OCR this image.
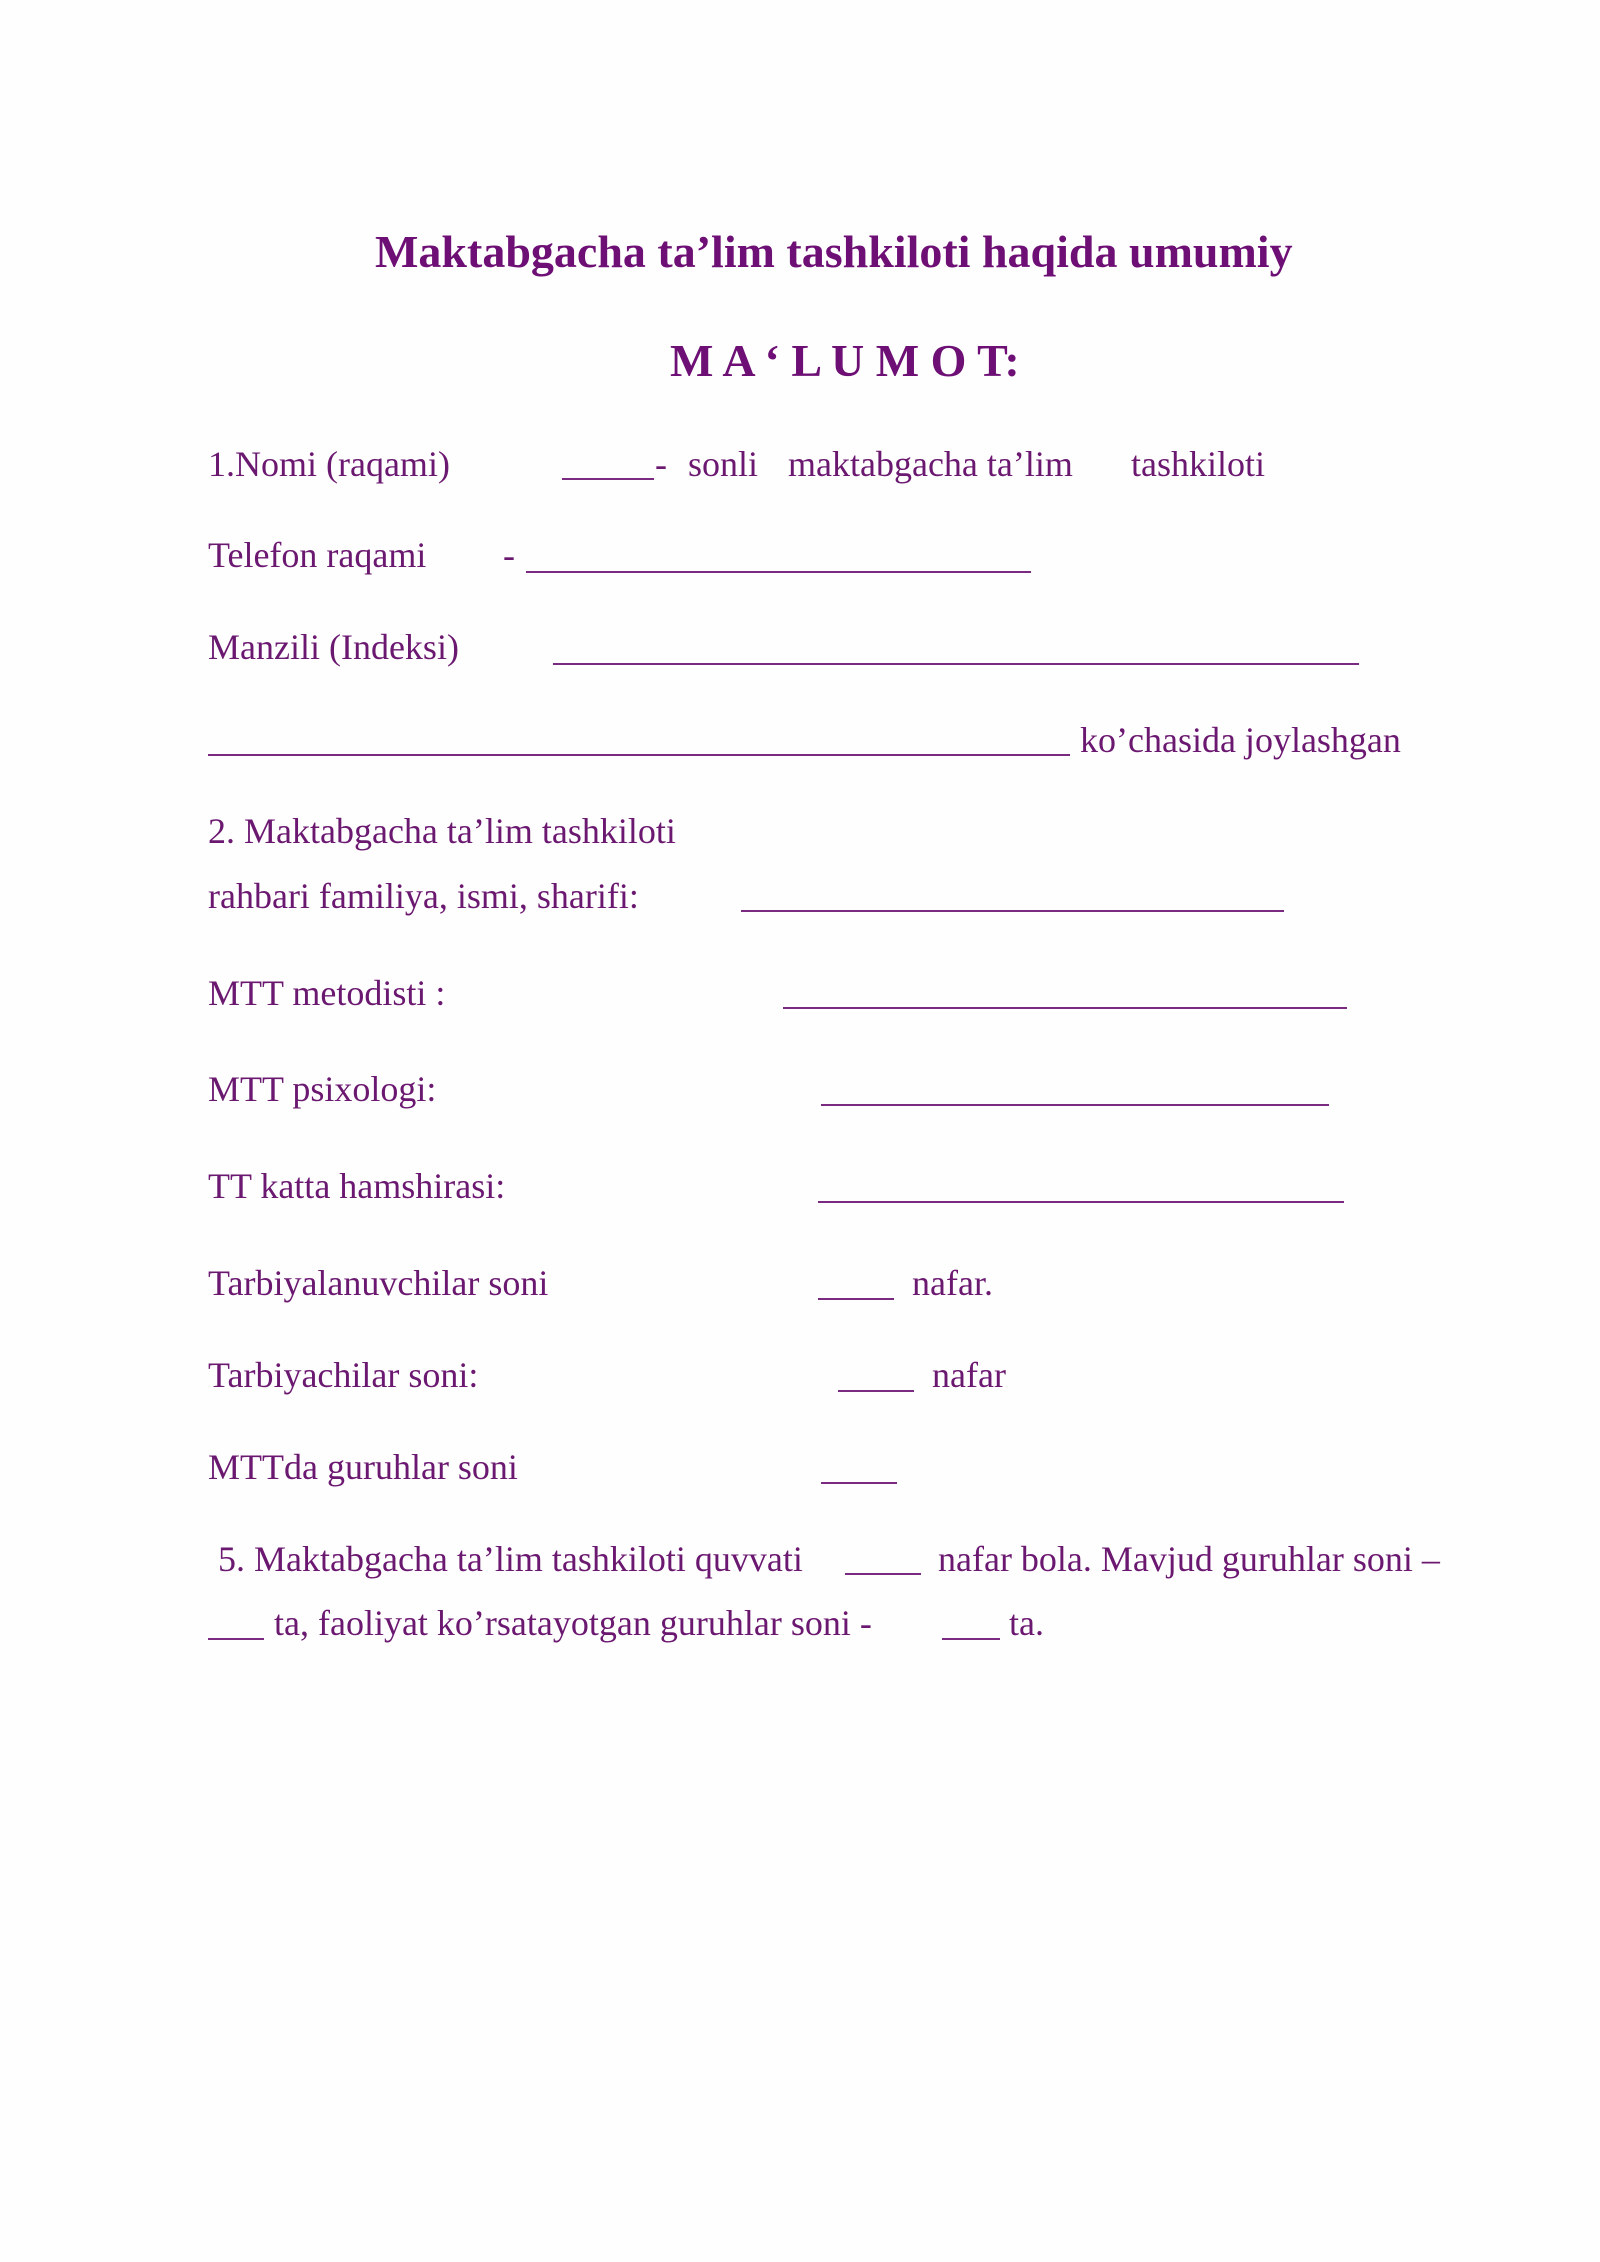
Maktabgacha ta’lim tashkiloti haqida umumiy
M A ‘ L U M O T:
1.Nomi (raqami)	- sonli maktabgacha ta’lim tashkiloti
Telefon raqami -
Manzili (Indeksi)
ko’chasida joylashgan
2. Maktabgacha ta’lim tashkiloti
rahbari familiya, ismi, sharifi:
MTT metodisti :
MTT psixologi:
TT katta hamshirasi:
Tarbiyalanuvchilar soni	nafar.
Tarbiyachilar soni:	nafar
MTTda guruhlar soni
5. Maktabgacha ta’lim tashkiloti quvvati	nafar bola. Mavjud guruhlar soni –
ta, faoliyat ko’rsatayotgan guruhlar soni -	ta.
